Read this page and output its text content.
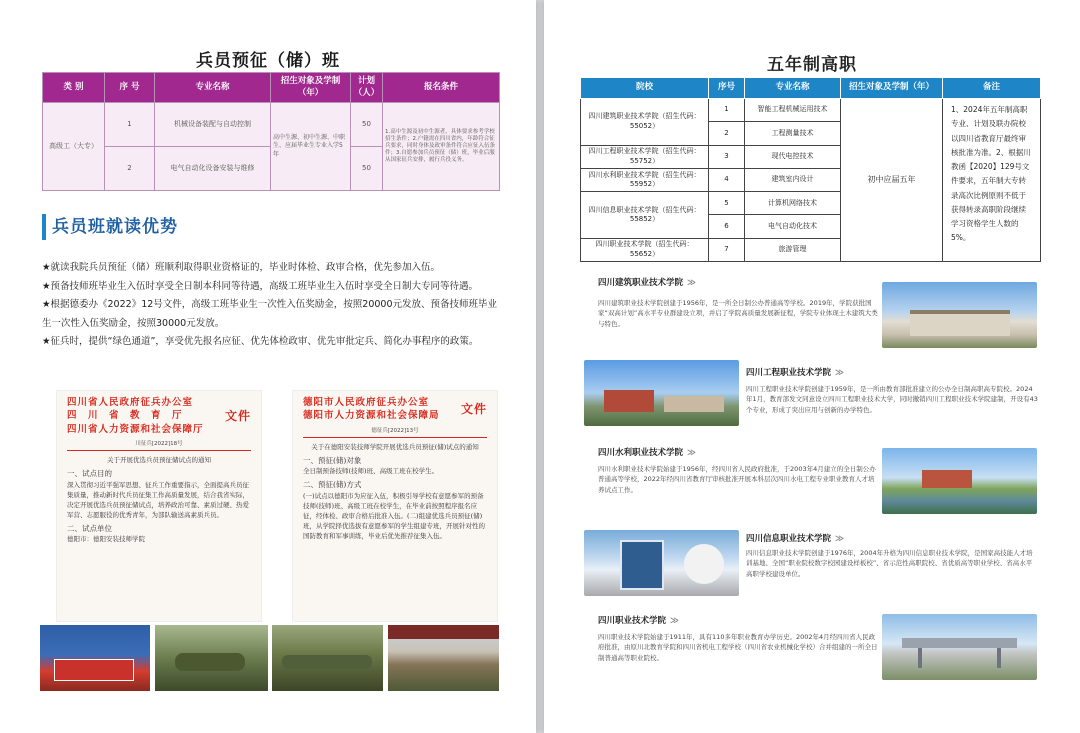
兵员预征（储）班
类 别	序 号	专业名称	招生对象及学制（年）	计划（人）	报名条件
高级工（大专）	1	机械设备装配与自动控制	高中生源、初中生源、中职生、应届毕业生专业入学5年	50	1.高中生源及初中生源者，具体要求参考学校招生条件；2.户籍需在四川省内，年龄符合征兵要求，同时身体及政审条件符合应征入伍条件；3.自愿参加兵员预征（储）班，毕业后服从国家征兵安排，履行兵役义务。
	2	电气自动化设备安装与维修		50	
兵员班就读优势

★就读我院兵员预征（储）班顺利取得职业资格证的，毕业时体检、政审合格，优先参加入伍。

★预备技师班毕业生入伍时享受全日制本科同等待遇，高级工班毕业生入伍时享受全日制大专同等待遇。

★根据德委办《2022》12号文件，高级工班毕业生一次性入伍奖励金，按照20000元发放、预备技师班毕业生一次性入伍奖励金，按照30000元发放。

★征兵时，提供“绿色通道”，享受优先报名应征、优先体检政审、优先审批定兵、简化办事程序的政策。

四川省人民政府征兵办公室
四　川　省　教　育　厅
四川省人力资源和社会保障厅
文件
川征兵[2022]18号
关于开展优选兵员预征储试点的通知
一、试点目的
深入贯彻习近平强军思想、征兵工作重要指示，全面提高兵员征集质量，推动新时代兵员征集工作高质量发展，结合我省实际，决定开展优选兵员预征储试点，培养政治可靠、素质过硬、热爱军营、志愿服役的优秀青年，为部队输送高素质兵员。
二、试点单位
德阳市：德阳安装技师学院
德阳市人民政府征兵办公室
德阳市人力资源和社会保障局	文件
德征兵[2022]13号
关于在德阳安装技师学院开展优选兵员预征(储)试点的通知
一、预征(储)对象
全日制预备技师(技师)班、高级工班在校学生。
二、预征(储)方式
(一)试点以德阳市为应征入伍，积极引导学校有意愿参军的预备技师(技师)班、高级工班在校学生，在毕业前按照程序报名应征，经体检、政审合格后批准入伍。(二)组建优选兵员预征(储)班，从学院择优选拔有意愿参军的学生组建专班，开展针对性的国防教育和军事训练，毕业后优先推荐征集入伍。
五年制高职
院校	序号	专业名称	招生对象及学制（年）	备注
四川建筑职业技术学院（招生代码：55052）	1	智能工程机械运用技术	初中应届五年	1、2024年五年制高职专业、计划及联办院校以四川省教育厅最终审核批准为准。2、根据川教函【2020】129号文件要求，五年制大专转录高次比例原则不低于获得转录高职阶段继续学习资格学生人数的5%。
	2	工程测量技术		
四川工程职业技术学院（招生代码：55752）	3	现代电控技术		
四川水利职业技术学院（招生代码：55952）	4	建筑室内设计		
四川信息职业技术学院（招生代码：55852）	5	计算机网络技术		
	6	电气自动化技术		
四川职业技术学院（招生代码：55652）	7	旅游管理		
四川建筑职业技术学院 ≫
四川建筑职业技术学院创建于1956年，是一所全日制公办普通高等学校。2019年，学院获批国家“双高计划”高水平专业群建设立项，并启了学院高质量发展新征程，学院专业体现土木建筑大类与特色。
四川工程职业技术学院 ≫
四川工程职业技术学院创建于1959年，是一所由教育部批准建立的公办全日制高职高专院校。2024年1月，教育部发文同意设立四川工程职业技术大学，同时撤销四川工程职业技术学院建制，开设有43个专业，形成了突出应用与创新的办学特色。
四川水利职业技术学院 ≫
四川水利职业技术学院始建于1956年，经四川省人民政府批准，于2003年4月建立的全日制公办普通高等学校，2022年经四川省教育厅审核批准开展本科层次四川水电工程专业职业教育人才培养试点工作。
四川信息职业技术学院 ≫
四川信息职业技术学院创建于1976年，2004年升格为四川信息职业技术学院，是国家高技能人才培训基地、全国“职业院校数字校园建设样板校”、省示范性高职院校、省优质高等职业学校、省高水平高职学校建设单位。
四川职业技术学院 ≫
四川职业技术学院始建于1911年，具有110多年职业教育办学历史。2002年4月经四川省人民政府批准，由原川北教育学院和四川省机电工程学校（四川省农业机械化学校）合并组建的一所全日制普通高等职业院校。
